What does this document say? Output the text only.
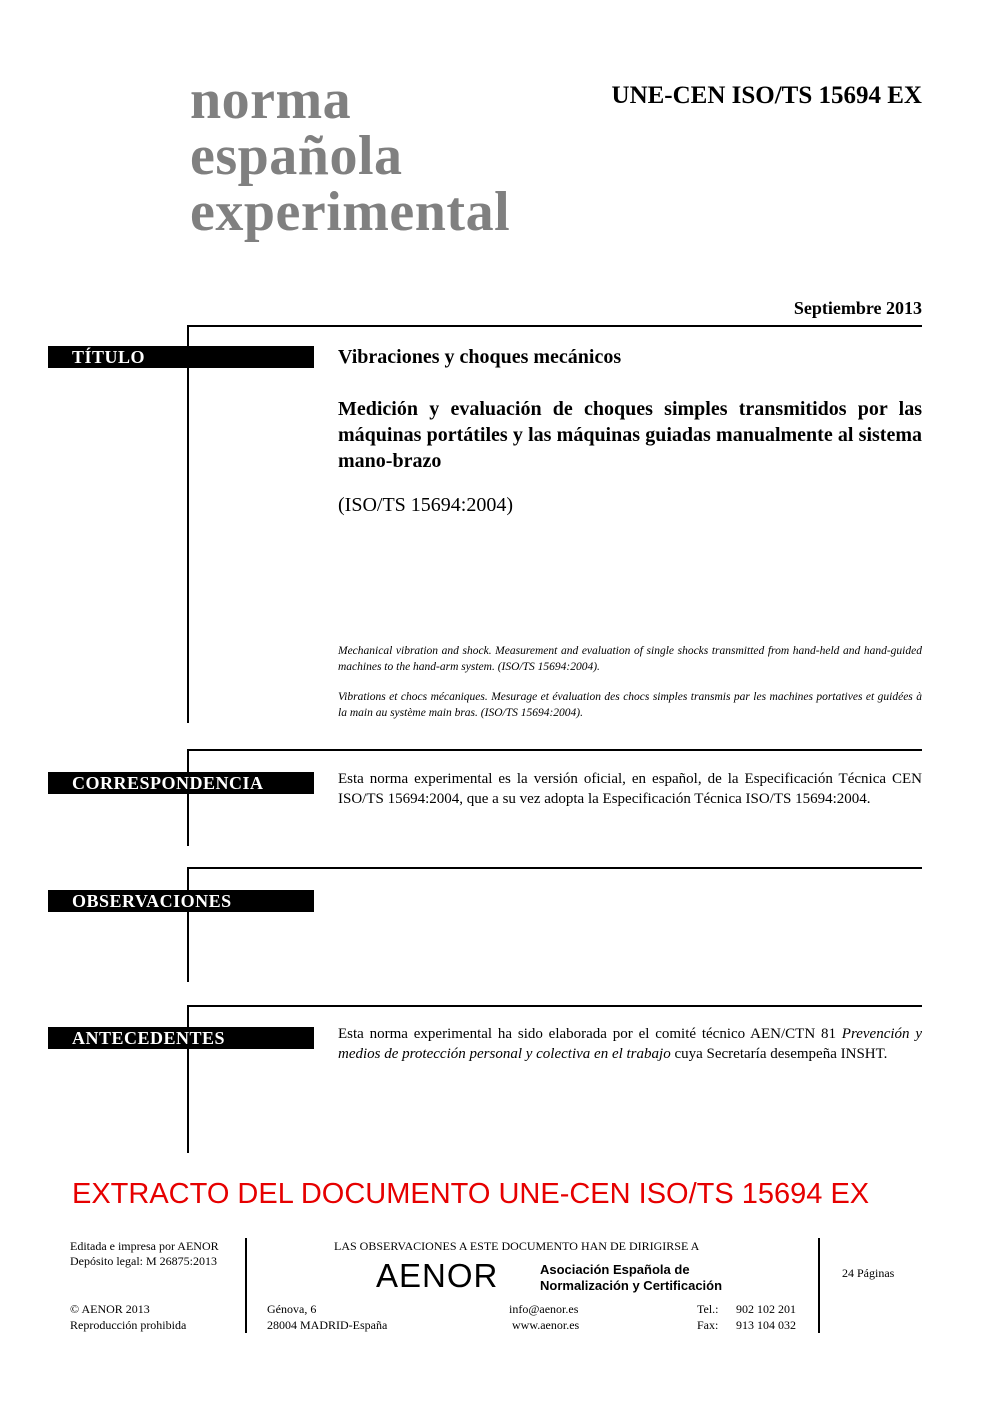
norma
española
experimental
UNE-CEN ISO/TS 15694 EX
Septiembre 2013
TÍTULO	Vibraciones y choques mecánicos
Medición y evaluación de choques simples transmitidos por las máquinas portátiles y las máquinas guiadas manualmente al sistema mano-brazo
(ISO/TS 15694:2004)
Mechanical vibration and shock. Measurement and evaluation of single shocks transmitted from hand-held and hand-guided machines to the hand-arm system. (ISO/TS 15694:2004).
Vibrations et chocs mécaniques. Mesurage et évaluation des chocs simples transmis par les machines portatives et guidées à la main au système main bras. (ISO/TS 15694:2004).
CORRESPONDENCIA	Esta norma experimental es la versión oficial, en español, de la Especificación Técnica CEN ISO/TS 15694:2004, que a su vez adopta la Especificación Técnica ISO/TS 15694:2004.
OBSERVACIONES
ANTECEDENTES	Esta norma experimental ha sido elaborada por el comité técnico AEN/CTN 81 Prevención y medios de protección personal y colectiva en el trabajo cuya Secretaría desempeña INSHT.
EXTRACTO DEL DOCUMENTO UNE-CEN ISO/TS 15694 EX
Editada e impresa por AENOR
Depósito legal: M 26875:2013
© AENOR 2013
Reproducción prohibida
LAS OBSERVACIONES A ESTE DOCUMENTO HAN DE DIRIGIRSE A
AENOR	Asociación Española de
Normalización y Certificación
Génova, 6
28004 MADRID-España
info@aenor.es
www.aenor.es
Tel.: 902 102 201
Fax: 913 104 032
24 Páginas
